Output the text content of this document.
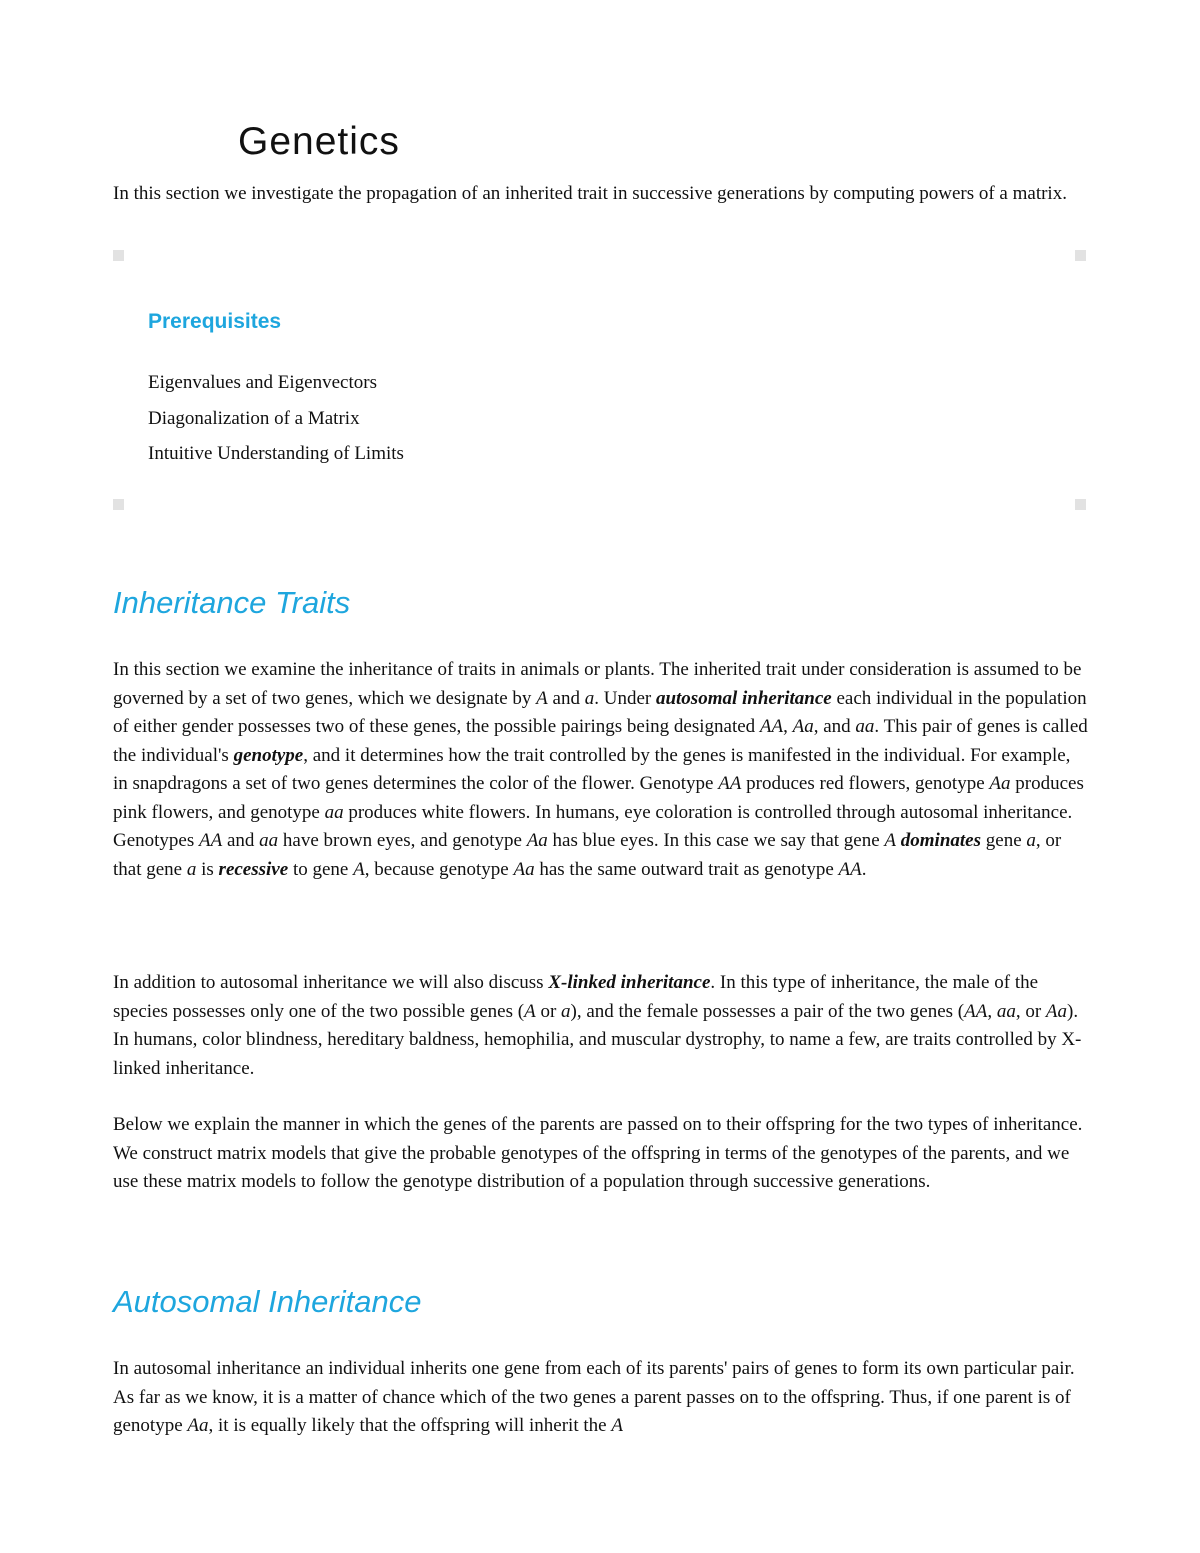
Genetics

In this section we investigate the propagation of an inherited trait in successive generations by computing powers of a matrix.

Prerequisites
Eigenvalues and Eigenvectors
Diagonalization of a Matrix
Intuitive Understanding of Limits
Inheritance Traits

In this section we examine the inheritance of traits in animals or plants. The inherited trait under consideration is assumed to be governed by a set of two genes, which we designate by A and a. Under autosomal inheritance each individual in the population of either gender possesses two of these genes, the possible pairings being designated AA, Aa, and aa. This pair of genes is called the individual's genotype, and it determines how the trait controlled by the genes is manifested in the individual. For example, in snapdragons a set of two genes determines the color of the flower. Genotype AA produces red flowers, genotype Aa produces pink flowers, and genotype aa produces white flowers. In humans, eye coloration is controlled through autosomal inheritance. Genotypes AA and aa have brown eyes, and genotype Aa has blue eyes. In this case we say that gene A dominates gene a, or that gene a is recessive to gene A, because genotype Aa has the same outward trait as genotype AA.

In addition to autosomal inheritance we will also discuss X-linked inheritance. In this type of inheritance, the male of the species possesses only one of the two possible genes (A or a), and the female possesses a pair of the two genes (AA, aa, or Aa). In humans, color blindness, hereditary baldness, hemophilia, and muscular dystrophy, to name a few, are traits controlled by X-linked inheritance.

Below we explain the manner in which the genes of the parents are passed on to their offspring for the two types of inheritance. We construct matrix models that give the probable genotypes of the offspring in terms of the genotypes of the parents, and we use these matrix models to follow the genotype distribution of a population through successive generations.

Autosomal Inheritance

In autosomal inheritance an individual inherits one gene from each of its parents' pairs of genes to form its own particular pair. As far as we know, it is a matter of chance which of the two genes a parent passes on to the offspring. Thus, if one parent is of genotype Aa, it is equally likely that the offspring will inherit the A
